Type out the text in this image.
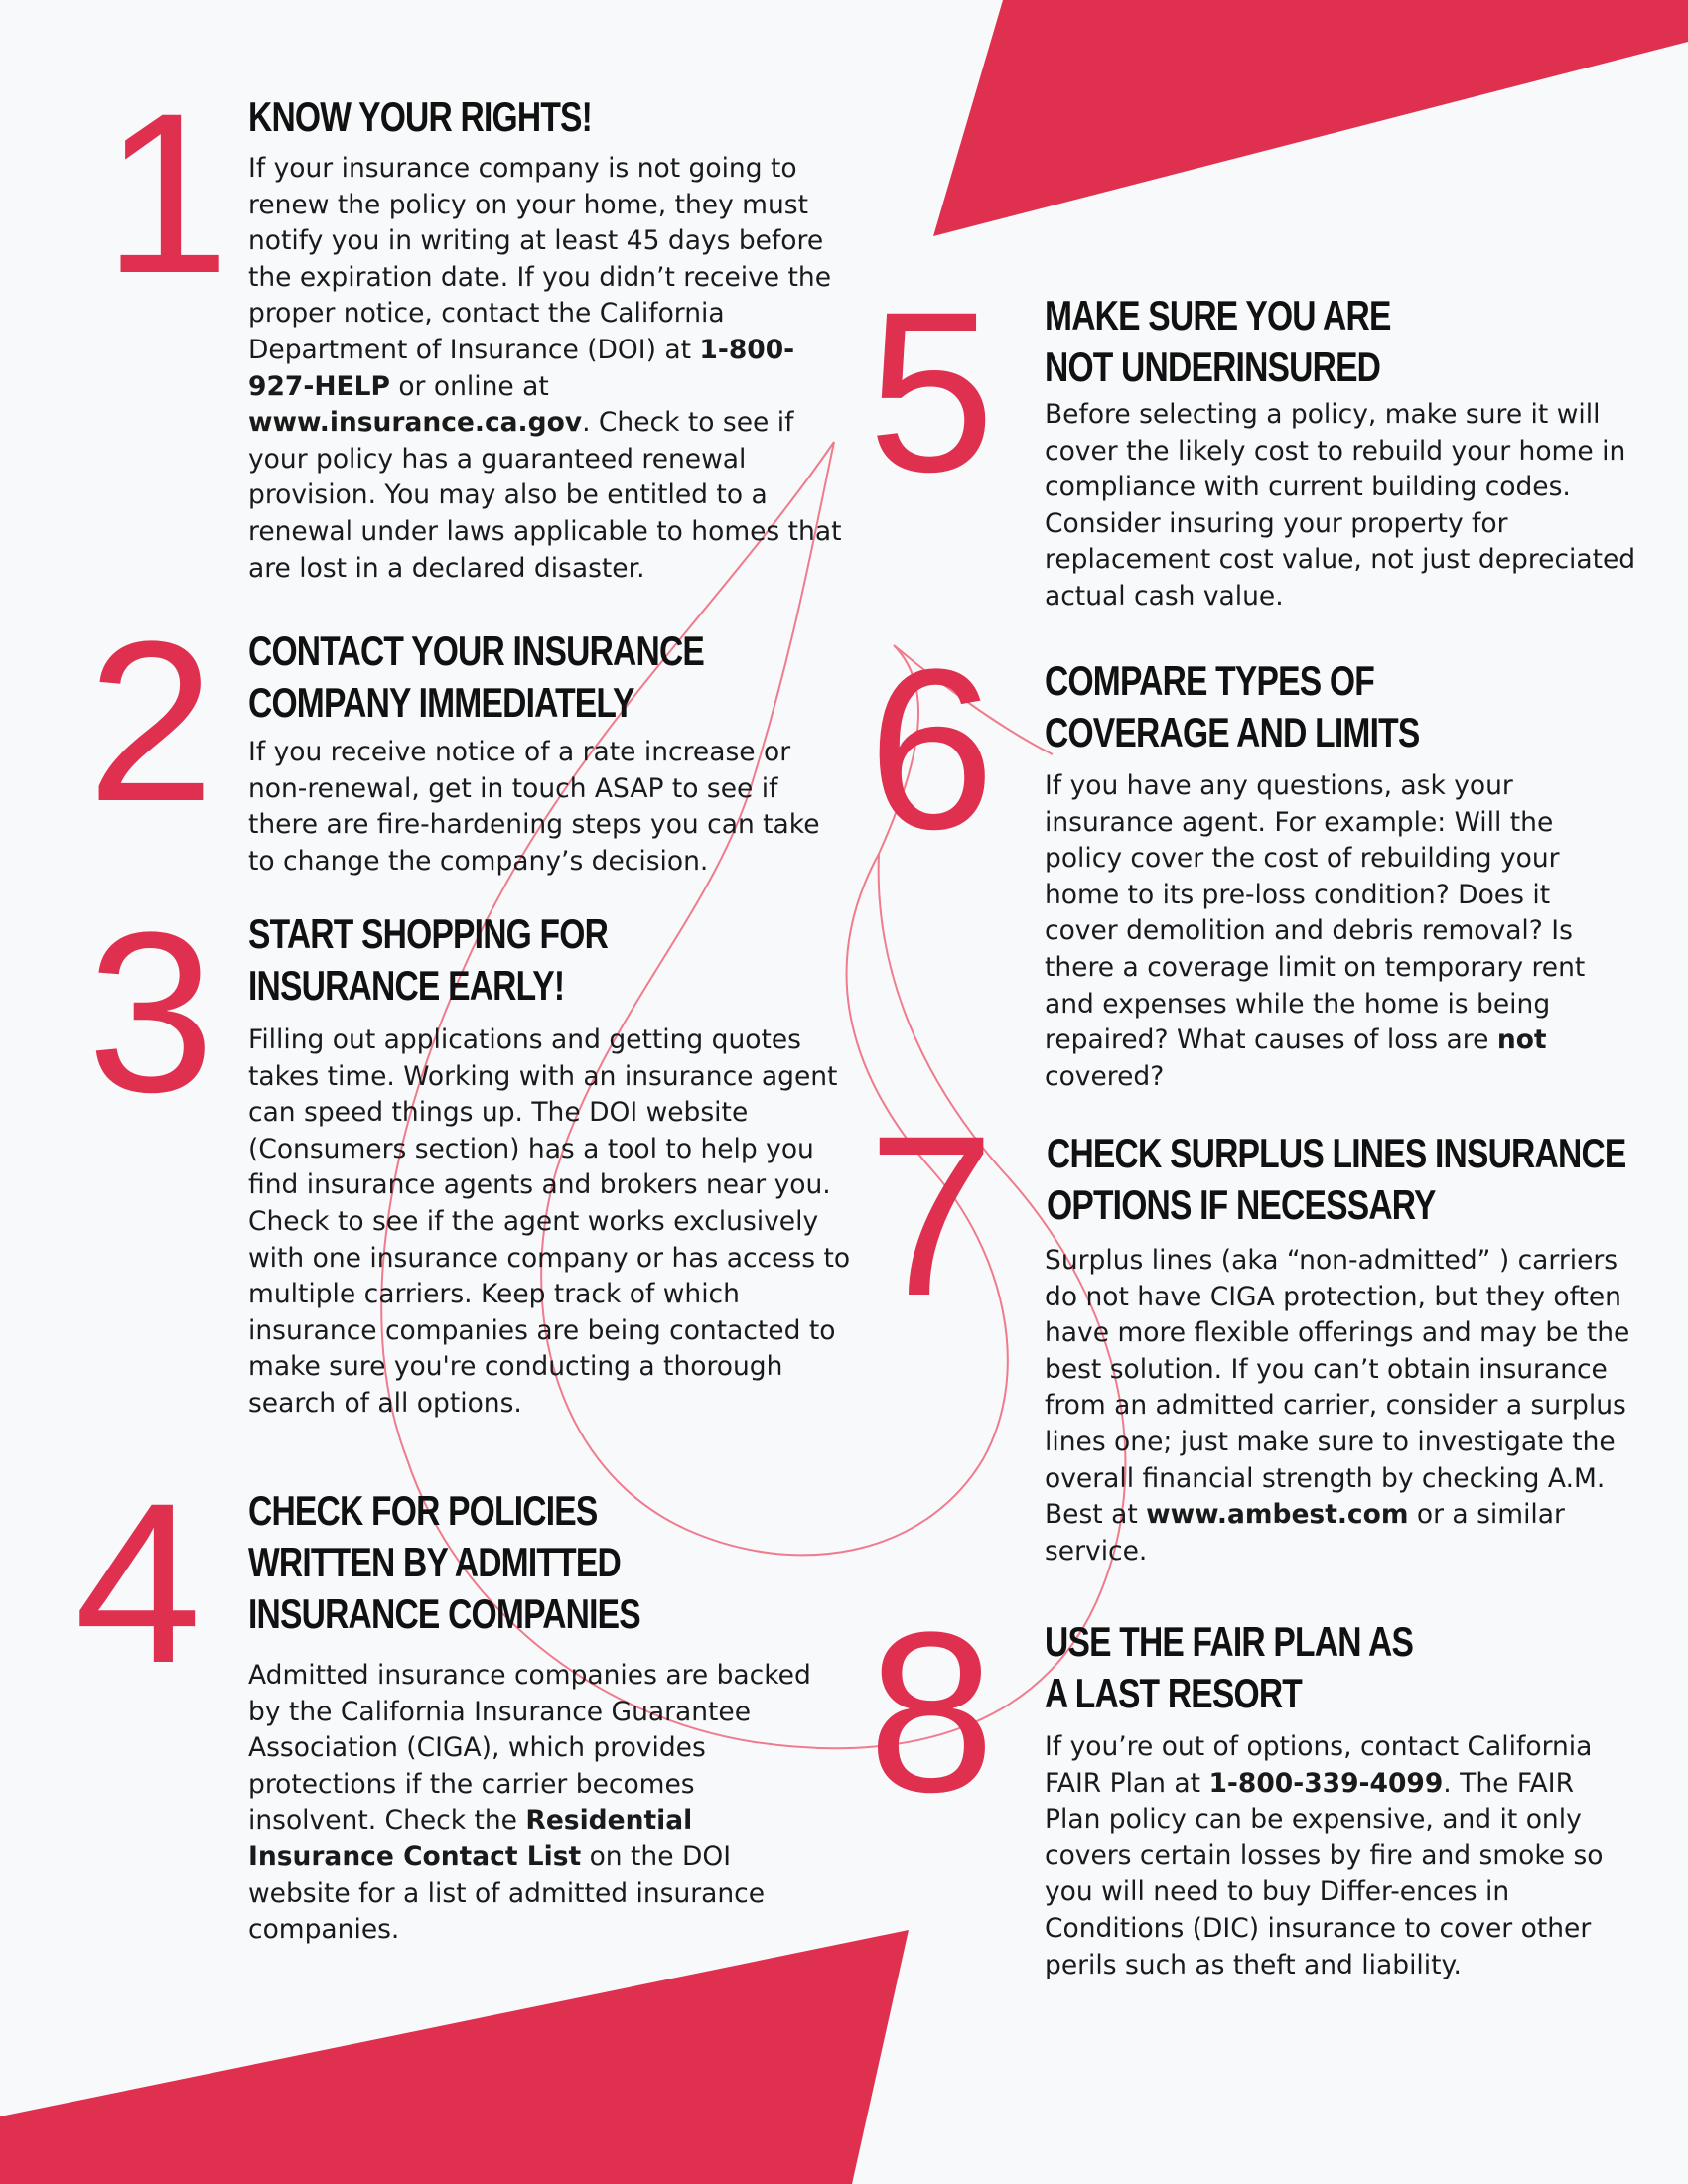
1 KNOW YOUR RIGHTS!
If your insurance company is not going to renew the policy on your home, they must notify you in writing at least 45 days before the expiration date. If you didn’t receive the proper notice, contact the California Department of Insurance (DOI) at 1-800-927-HELP or online at www.insurance.ca.gov. Check to see if your policy has a guaranteed renewal provision. You may also be entitled to a renewal under laws applicable to homes that are lost in a declared disaster.
2 CONTACT YOUR INSURANCE
COMPANY IMMEDIATELY
If you receive notice of a rate increase or non-renewal, get in touch ASAP to see if there are fire-hardening steps you can take to change the company’s decision.
3 START SHOPPING FOR
INSURANCE EARLY!
Filling out applications and getting quotes takes time. Working with an insurance agent can speed things up. The DOI website (Consumers section) has a tool to help you find insurance agents and brokers near you. Check to see if the agent works exclusively with one insurance company or has access to multiple carriers. Keep track of which insurance companies are being contacted to make sure you're conducting a thorough search of all options.
4 CHECK FOR POLICIES
WRITTEN BY ADMITTED
INSURANCE COMPANIES
Admitted insurance companies are backed by the California Insurance Guarantee Association (CIGA), which provides protections if the carrier becomes insolvent. Check the Residential Insurance Contact List on the DOI website for a list of admitted insurance companies.
5 MAKE SURE YOU ARE
NOT UNDERINSURED
Before selecting a policy, make sure it will cover the likely cost to rebuild your home in compliance with current building codes. Consider insuring your property for replacement cost value, not just depreciated actual cash value.
6 COMPARE TYPES OF
COVERAGE AND LIMITS
If you have any questions, ask your insurance agent. For example: Will the policy cover the cost of rebuilding your home to its pre-loss condition? Does it cover demolition and debris removal? Is there a coverage limit on temporary rent and expenses while the home is being repaired? What causes of loss are not covered?
7 CHECK SURPLUS LINES INSURANCE
OPTIONS IF NECESSARY
Surplus lines (aka “non-admitted” ) carriers do not have CIGA protection, but they often have more flexible offerings and may be the best solution. If you can’t obtain insurance from an admitted carrier, consider a surplus lines one; just make sure to investigate the overall financial strength by checking A.M. Best at www.ambest.com or a similar service.
8 USE THE FAIR PLAN AS
A LAST RESORT
If you’re out of options, contact California FAIR Plan at 1-800-339-4099. The FAIR Plan policy can be expensive, and it only covers certain losses by fire and smoke so you will need to buy Differ-ences in Conditions (DIC) insurance to cover other perils such as theft and liability.
